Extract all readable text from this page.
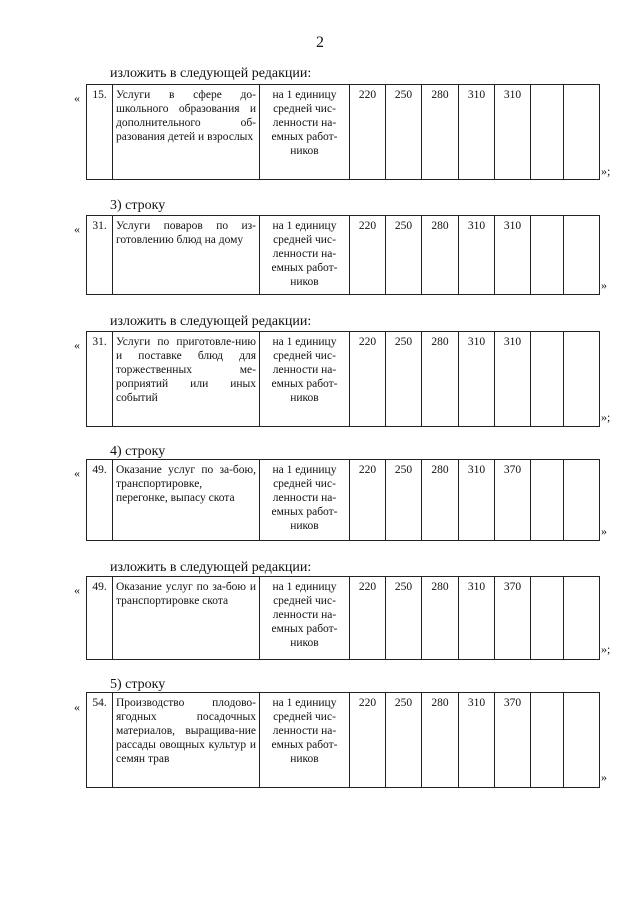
2
изложить в следующей редакции:
« 15.	Услуги в сфере до-школьного образования и дополнительного об-разования детей и взрослых	на 1 единицу средней чис-ленности на-емных работ-ников	220	250	280	310	310		
»;
3) строку
« 31.	Услуги поваров по из-готовлению блюд на дому	на 1 единицу средней чис-ленности на-емных работ-ников	220	250	280	310	310		
»
изложить в следующей редакции:
« 31.	Услуги по приготовле-нию и поставке блюд для торжественных ме-роприятий или иных событий	на 1 единицу средней чис-ленности на-емных работ-ников	220	250	280	310	310		
»;
4) строку
« 49.	Оказание услуг по за-бою, транспортировке, перегонке, выпасу скота	на 1 единицу средней чис-ленности на-емных работ-ников	220	250	280	310	370		
»
изложить в следующей редакции:
« 49.	Оказание услуг по за-бою и транспортировке скота	на 1 единицу средней чис-ленности на-емных работ-ников	220	250	280	310	370		
»;
5) строку
« 54.	Производство плодово-ягодных посадочных материалов, выращива-ние рассады овощных культур и семян трав	на 1 единицу средней чис-ленности на-емных работ-ников	220	250	280	310	370		
»
